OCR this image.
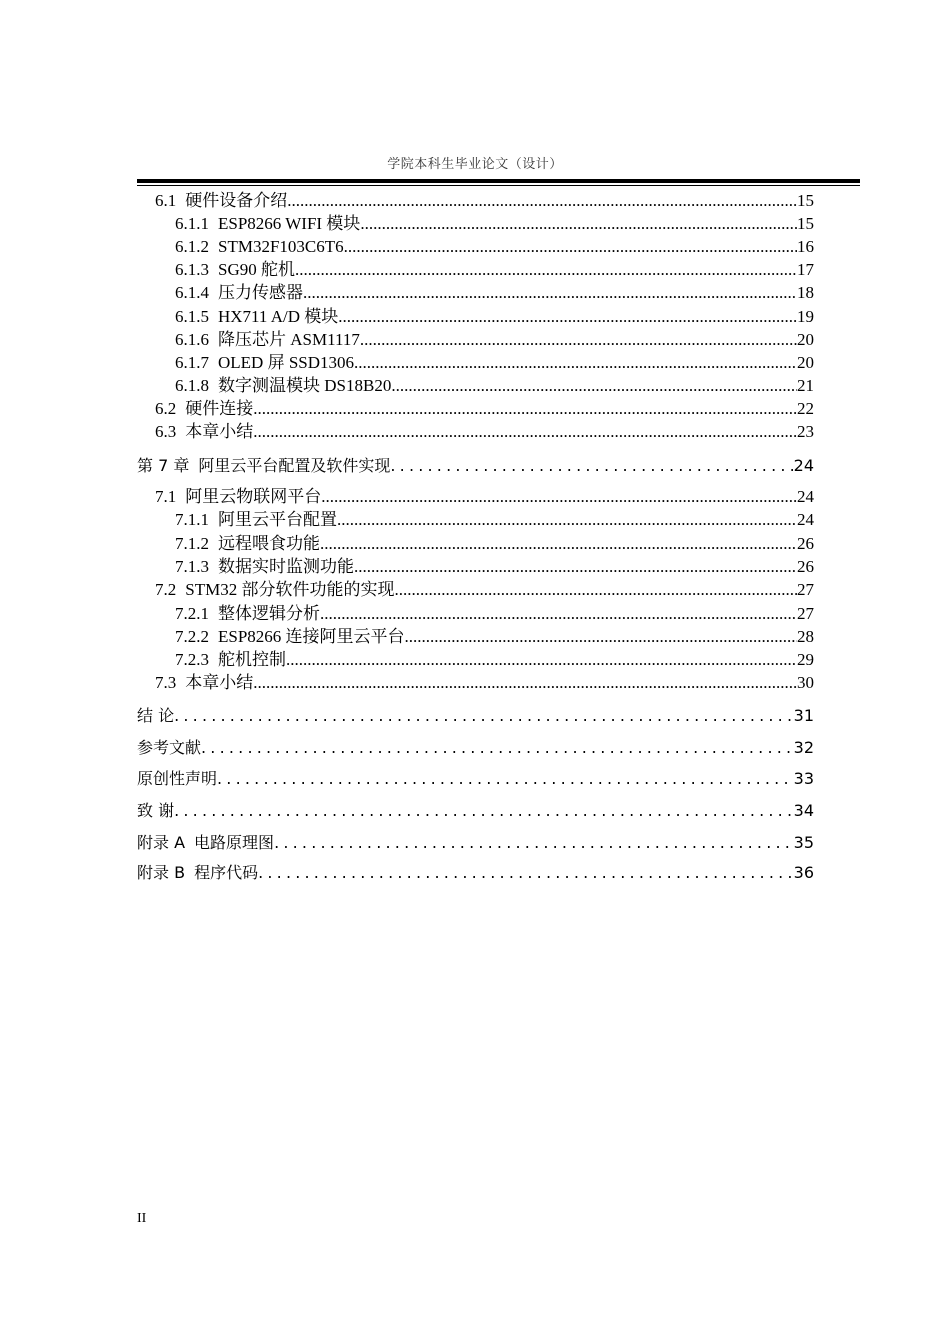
学院本科生毕业论文（设计）
6.1 硬件设备介绍 .....	15
6.1.1 ESP8266 WIFI 模块 .....	15
6.1.2 STM32F103C6T6 .....	16
6.1.3 SG90 舵机 .....	17
6.1.4 压力传感器 .....	18
6.1.5 HX711 A/D 模块 .....	19
6.1.6 降压芯片 ASM1117 .....	20
6.1.7 OLED 屏 SSD1306 .....	20
6.1.8 数字测温模块 DS18B20 .....	21
6.2 硬件连接 .....	22
6.3 本章小结 .....	23
第 7 章 阿里云平台配置及软件实现 .....	24
7.1 阿里云物联网平台 .....	24
7.1.1 阿里云平台配置 .....	24
7.1.2 远程喂食功能 .....	26
7.1.3 数据实时监测功能 .....	26
7.2 STM32 部分软件功能的实现 .....	27
7.2.1 整体逻辑分析 .....	27
7.2.2 ESP8266 连接阿里云平台 .....	28
7.2.3 舵机控制 .....	29
7.3 本章小结 .....	30
结 论 .....	31
参考文献 .....	32
原创性声明 .....	33
致 谢 .....	34
附录 A 电路原理图 .....	35
附录 B 程序代码 .....	36
II
